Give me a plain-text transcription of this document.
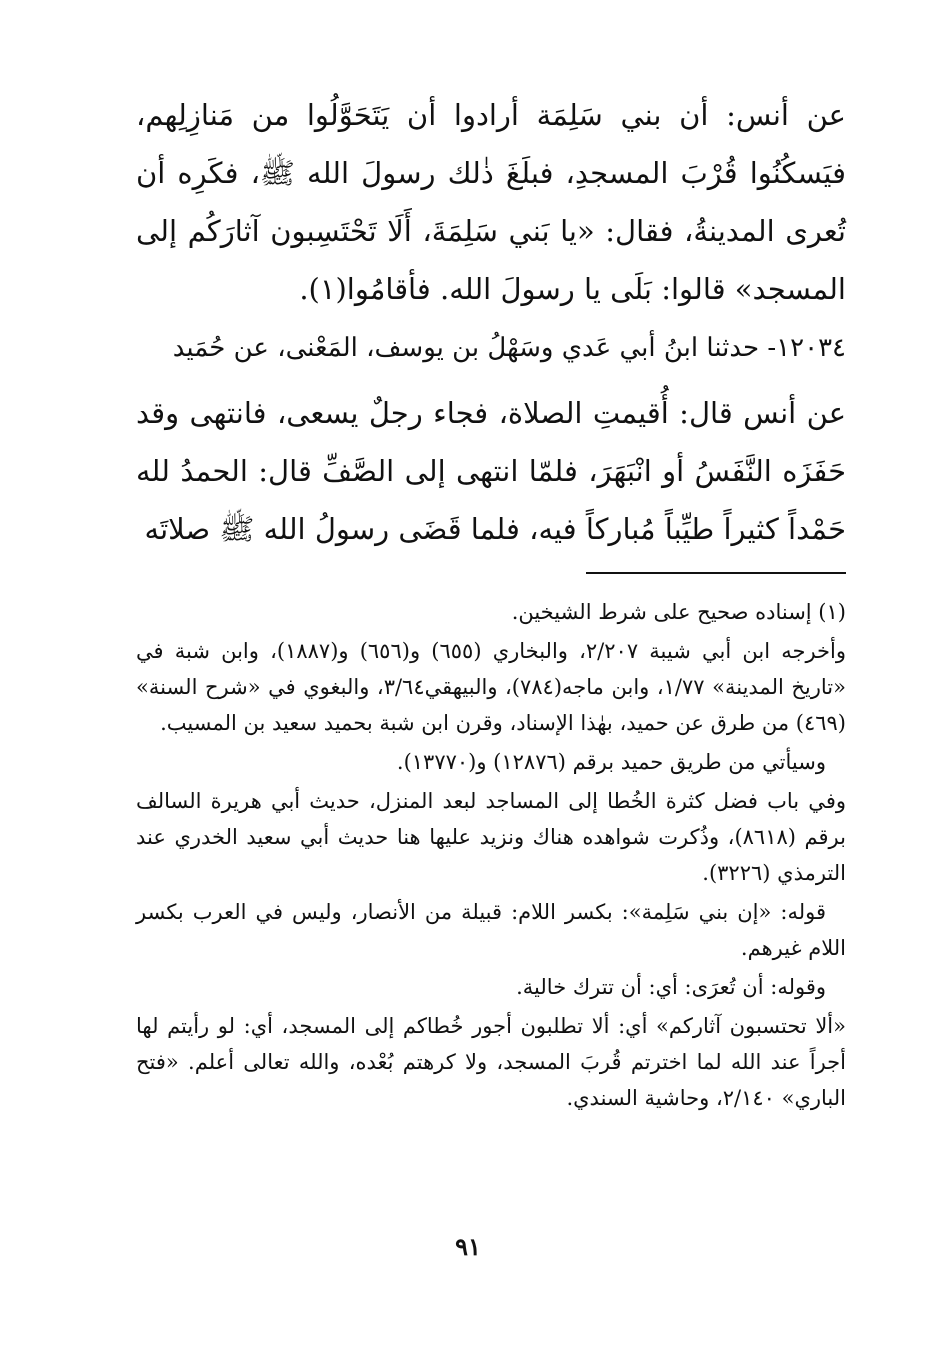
عن أنس: أن بني سَلِمَة أرادوا أن يَتَحَوَّلُوا من مَنازِلِهم، فيَسكُنُوا قُرْبَ المسجدِ، فبلَغَ ذٰلك رسولَ الله ﷺ، فكَرِه أن تُعرى المدينةُ، فقال: «يا بَني سَلِمَةَ، أَلَا تَحْتَسِبون آثارَكُم إلى المسجد» قالوا: بَلَى يا رسولَ الله. فأقامُوا(١).

١٢٠٣٤- حدثنا ابنُ أبي عَدي وسَهْلُ بن يوسف، المَعْنى، عن حُمَيد

عن أنس قال: أُقيمتِ الصلاة، فجاء رجلٌ يسعى، فانتهى وقد حَفَزَه النَّفَسُ أو انْبَهَرَ، فلمّا انتهى إلى الصَّفِّ قال: الحمدُ لله حَمْداً كثيراً طيِّباً مُباركاً فيه، فلما قَضَى رسولُ الله ﷺ صلاتَه

(١) إسناده صحيح على شرط الشيخين.

وأخرجه ابن أبي شيبة ٢/٢٠٧، والبخاري (٦٥٥) و(٦٥٦) و(١٨٨٧)، وابن شبة في «تاريخ المدينة» ١/٧٧، وابن ماجه(٧٨٤)، والبيهقي٣/٦٤، والبغوي في «شرح السنة» (٤٦٩) من طرق عن حميد، بهٰذا الإسناد، وقرن ابن شبة بحميد سعيد بن المسيب.

وسيأتي من طريق حميد برقم (١٢٨٧٦) و(١٣٧٧٠).

وفي باب فضل كثرة الخُطا إلى المساجد لبعد المنزل، حديث أبي هريرة السالف برقم (٨٦١٨)، وذُكرت شواهده هناك ونزيد عليها هنا حديث أبي سعيد الخدري عند الترمذي (٣٢٢٦).

قوله: «إن بني سَلِمة»: بكسر اللام: قبيلة من الأنصار، وليس في العرب بكسر اللام غيرهم.

وقوله: أن تُعرَى: أي: أن تترك خالية.

«ألا تحتسبون آثاركم» أي: ألا تطلبون أجور خُطاكم إلى المسجد، أي: لو رأيتم لها أجراً عند الله لما اخترتم قُربَ المسجد، ولا كرهتم بُعْده، والله تعالى أعلم. «فتح الباري» ٢/١٤٠، وحاشية السندي.

٩١
